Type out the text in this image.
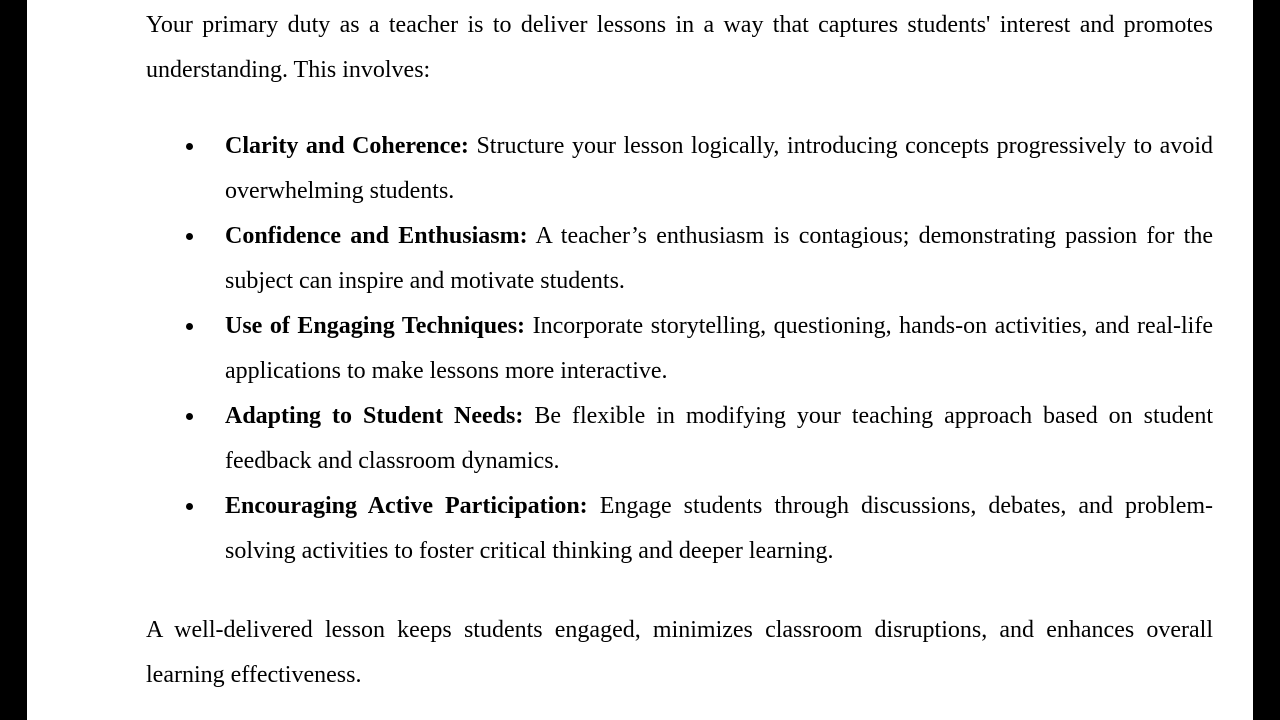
Your primary duty as a teacher is to deliver lessons in a way that captures students' interest and promotes understanding. This involves:

Clarity and Coherence: Structure your lesson logically, introducing concepts progressively to avoid overwhelming students.
Confidence and Enthusiasm: A teacher’s enthusiasm is contagious; demonstrating passion for the subject can inspire and motivate students.
Use of Engaging Techniques: Incorporate storytelling, questioning, hands-on activities, and real-life applications to make lessons more interactive.
Adapting to Student Needs: Be flexible in modifying your teaching approach based on student feedback and classroom dynamics.
Encouraging Active Participation: Engage students through discussions, debates, and problem-solving activities to foster critical thinking and deeper learning.

A well-delivered lesson keeps students engaged, minimizes classroom disruptions, and enhances overall learning effectiveness.
